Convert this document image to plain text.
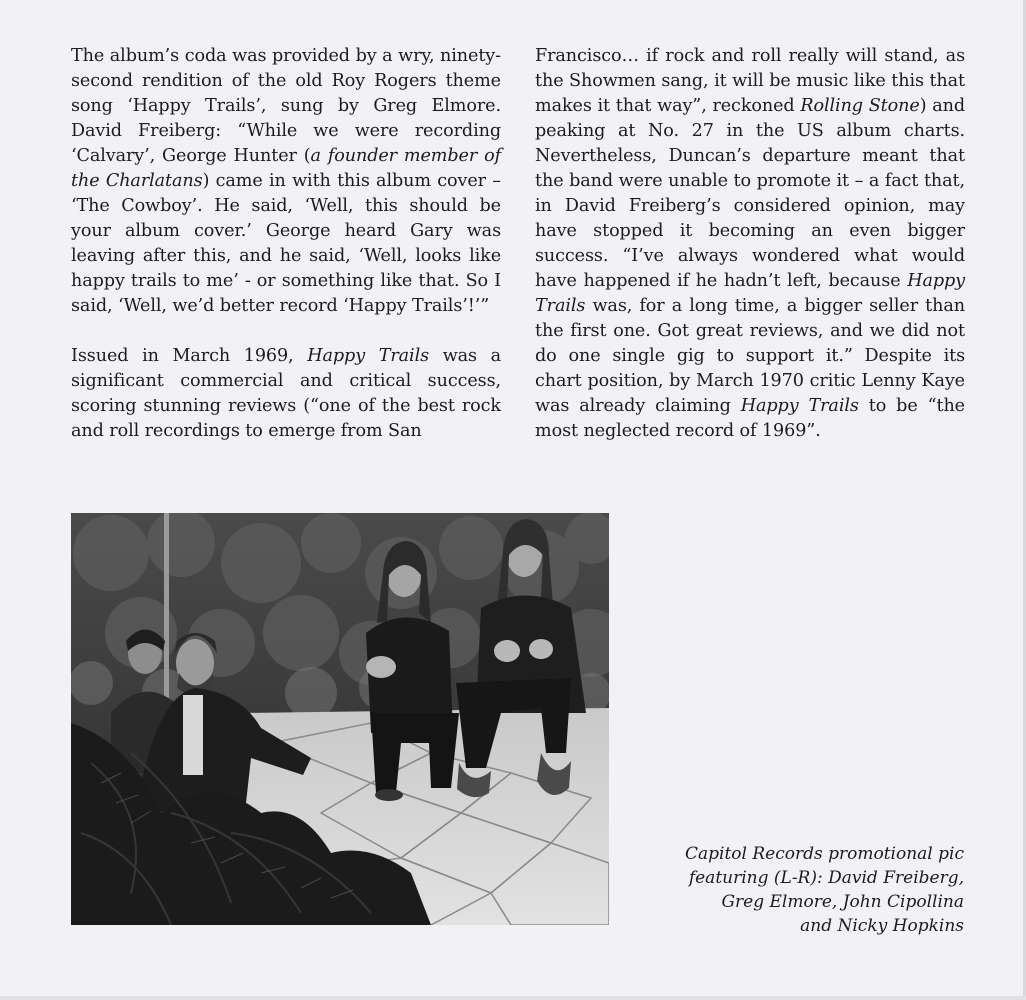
The album’s coda was provided by a wry, ninety-second rendition of the old Roy Rogers theme song ‘Happy Trails’, sung by Greg Elmore. David Freiberg: “While we were recording ‘Calvary’, George Hunter (a founder member of the Charlatans) came in with this album cover – ‘The Cowboy’. He said, ‘Well, this should be your album cover.’ George heard Gary was leaving after this, and he said, ‘Well, looks like happy trails to me’ - or something like that. So I said, ‘Well, we’d better record ‘Happy Trails’!’”

Issued in March 1969, Happy Trails was a significant commercial and critical success, scoring stunning reviews (“one of the best rock and roll recordings to emerge from San

Francisco… if rock and roll really will stand, as the Showmen sang, it will be music like this that makes it that way”, reckoned Rolling Stone) and peaking at No. 27 in the US album charts. Nevertheless, Duncan’s departure meant that the band were unable to promote it – a fact that, in David Freiberg’s considered opinion, may have stopped it becoming an even bigger success. “I’ve always wondered what would have happened if he hadn’t left, because Happy Trails was, for a long time, a bigger seller than the first one. Got great reviews, and we did not do one single gig to support it.” Despite its chart position, by March 1970 critic Lenny Kaye was already claiming Happy Trails to be “the most neglected record of 1969”.

Capitol Records promotional pic
featuring (L-R): David Freiberg,
Greg Elmore, John Cipollina
and Nicky Hopkins
